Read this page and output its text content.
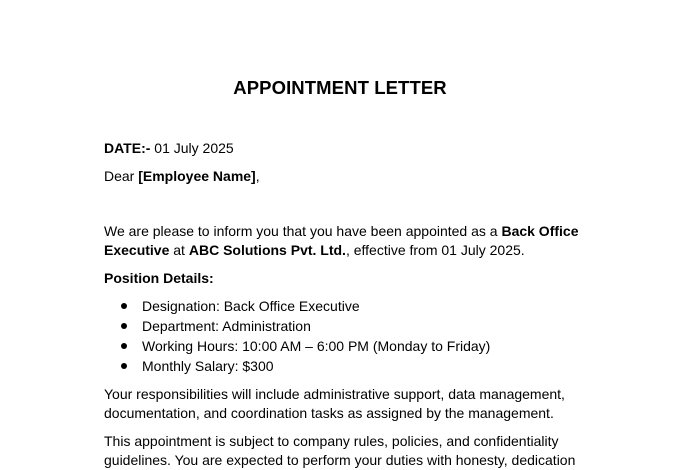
APPOINTMENT LETTER
DATE:- 01 July 2025
Dear [Employee Name],
We are please to inform you that you have been appointed as a Back Office
Executive at ABC Solutions Pvt. Ltd., effective from 01 July 2025.
Position Details:
Designation: Back Office Executive
Department: Administration
Working Hours: 10:00 AM – 6:00 PM (Monday to Friday)
Monthly Salary: $300
Your responsibilities will include administrative support, data management,
documentation, and coordination tasks as assigned by the management.
This appointment is subject to company rules, policies, and confidentiality
guidelines. You are expected to perform your duties with honesty, dedication
